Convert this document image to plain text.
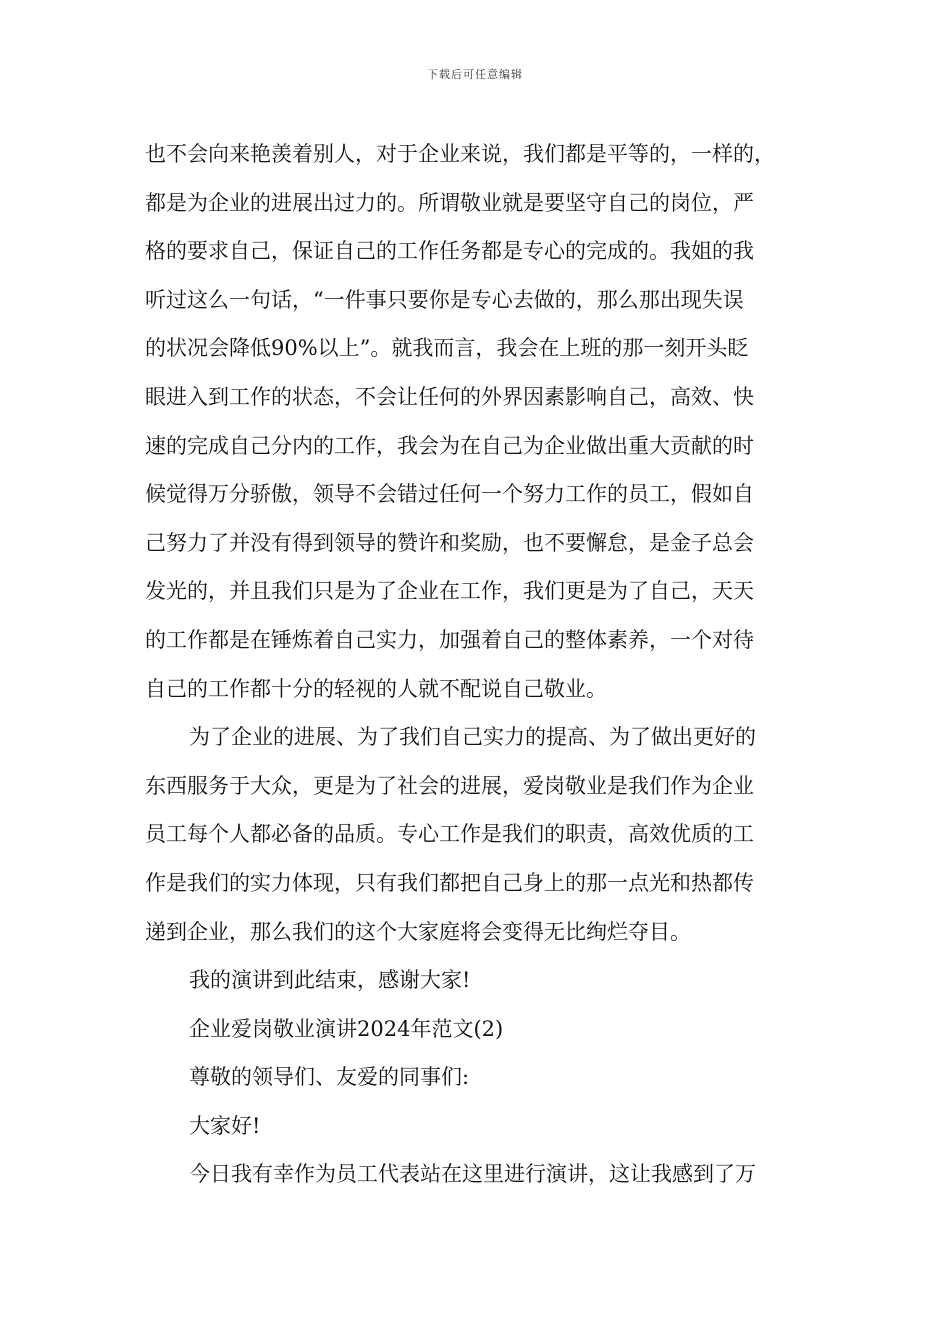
下载后可任意编辑
也不会向来艳羡着别人，对于企业来说，我们都是平等的，一样的，
都是为企业的进展出过力的。所谓敬业就是要坚守自己的岗位，严
格的要求自己，保证自己的工作任务都是专心的完成的。我姐的我
听过这么一句话，“一件事只要你是专心去做的，那么那出现失误
的状况会降低90%以上”。就我而言，我会在上班的那一刻开头眨
眼进入到工作的状态，不会让任何的外界因素影响自己，高效、快
速的完成自己分内的工作，我会为在自己为企业做出重大贡献的时
候觉得万分骄傲，领导不会错过任何一个努力工作的员工，假如自
己努力了并没有得到领导的赞许和奖励，也不要懈怠，是金子总会
发光的，并且我们只是为了企业在工作，我们更是为了自己，天天
的工作都是在锤炼着自己实力，加强着自己的整体素养，一个对待
自己的工作都十分的轻视的人就不配说自己敬业。
为了企业的进展、为了我们自己实力的提高、为了做出更好的
东西服务于大众，更是为了社会的进展，爱岗敬业是我们作为企业
员工每个人都必备的品质。专心工作是我们的职责，高效优质的工
作是我们的实力体现，只有我们都把自己身上的那一点光和热都传
递到企业，那么我们的这个大家庭将会变得无比绚烂夺目。
我的演讲到此结束，感谢大家!
企业爱岗敬业演讲2024年范文(2)
尊敬的领导们、友爱的同事们:
大家好!
今日我有幸作为员工代表站在这里进行演讲，这让我感到了万
